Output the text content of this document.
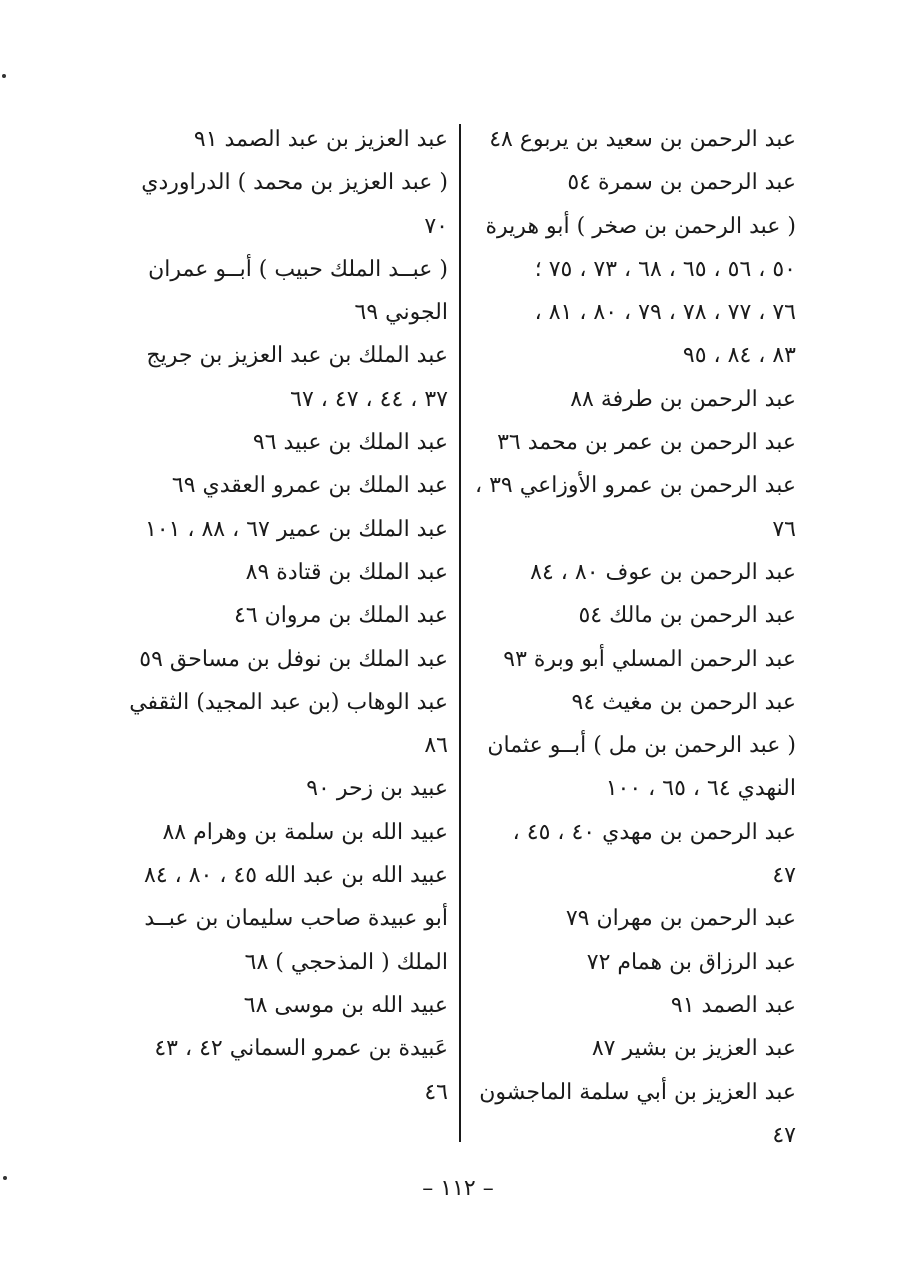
عبد الرحمن بن سعيد بن يربوع ٤٨
عبد الرحمن بن سمرة ٥٤
( عبد الرحمن بن صخر ) أبو هريرة
٥٠ ، ٥٦ ، ٦٥ ، ٦٨ ، ٧٣ ، ٧٥ ؛
٧٦ ، ٧٧ ، ٧٨ ، ٧٩ ، ٨٠ ، ٨١ ،
٨٣ ، ٨٤ ، ٩٥
عبد الرحمن بن طرفة ٨٨
عبد الرحمن بن عمر بن محمد ٣٦
عبد الرحمن بن عمرو الأوزاعي ٣٩ ،
٧٦
عبد الرحمن بن عوف ٨٠ ، ٨٤
عبد الرحمن بن مالك ٥٤
عبد الرحمن المسلي أبو وبرة ٩٣
عبد الرحمن بن مغيث ٩٤
( عبد الرحمن بن مل ) أبــو عثمان
النهدي ٦٤ ، ٦٥ ، ١٠٠
عبد الرحمن بن مهدي ٤٠ ، ٤٥ ،
٤٧
عبد الرحمن بن مهران ٧٩
عبد الرزاق بن همام ٧٢
عبد الصمد ٩١
عبد العزيز بن بشير ٨٧
عبد العزيز بن أبي سلمة الماجشون
٤٧
عبد العزيز بن عبد الصمد ٩١
( عبد العزيز بن محمد ) الدراوردي
٧٠
( عبــد الملك حبيب ) أبــو عمران
الجوني ٦٩
عبد الملك بن عبد العزيز بن جريج
٣٧ ، ٤٤ ، ٤٧ ، ٦٧
عبد الملك بن عبيد ٩٦
عبد الملك بن عمرو العقدي ٦٩
عبد الملك بن عمير ٦٧ ، ٨٨ ، ١٠١
عبد الملك بن قتادة ٨٩
عبد الملك بن مروان ٤٦
عبد الملك بن نوفل بن مساحق ٥٩
عبد الوهاب (بن عبد المجيد) الثقفي
٨٦
عبيد بن زحر ٩٠
عبيد الله بن سلمة بن وهرام ٨٨
عبيد الله بن عبد الله ٤٥ ، ٨٠ ، ٨٤
أبو عبيدة صاحب سليمان بن عبــد
الملك ( المذحجي ) ٦٨
عبيد الله بن موسى ٦٨
عَبيدة بن عمرو السماني ٤٢ ، ٤٣
٤٦
– ١١٢ –
